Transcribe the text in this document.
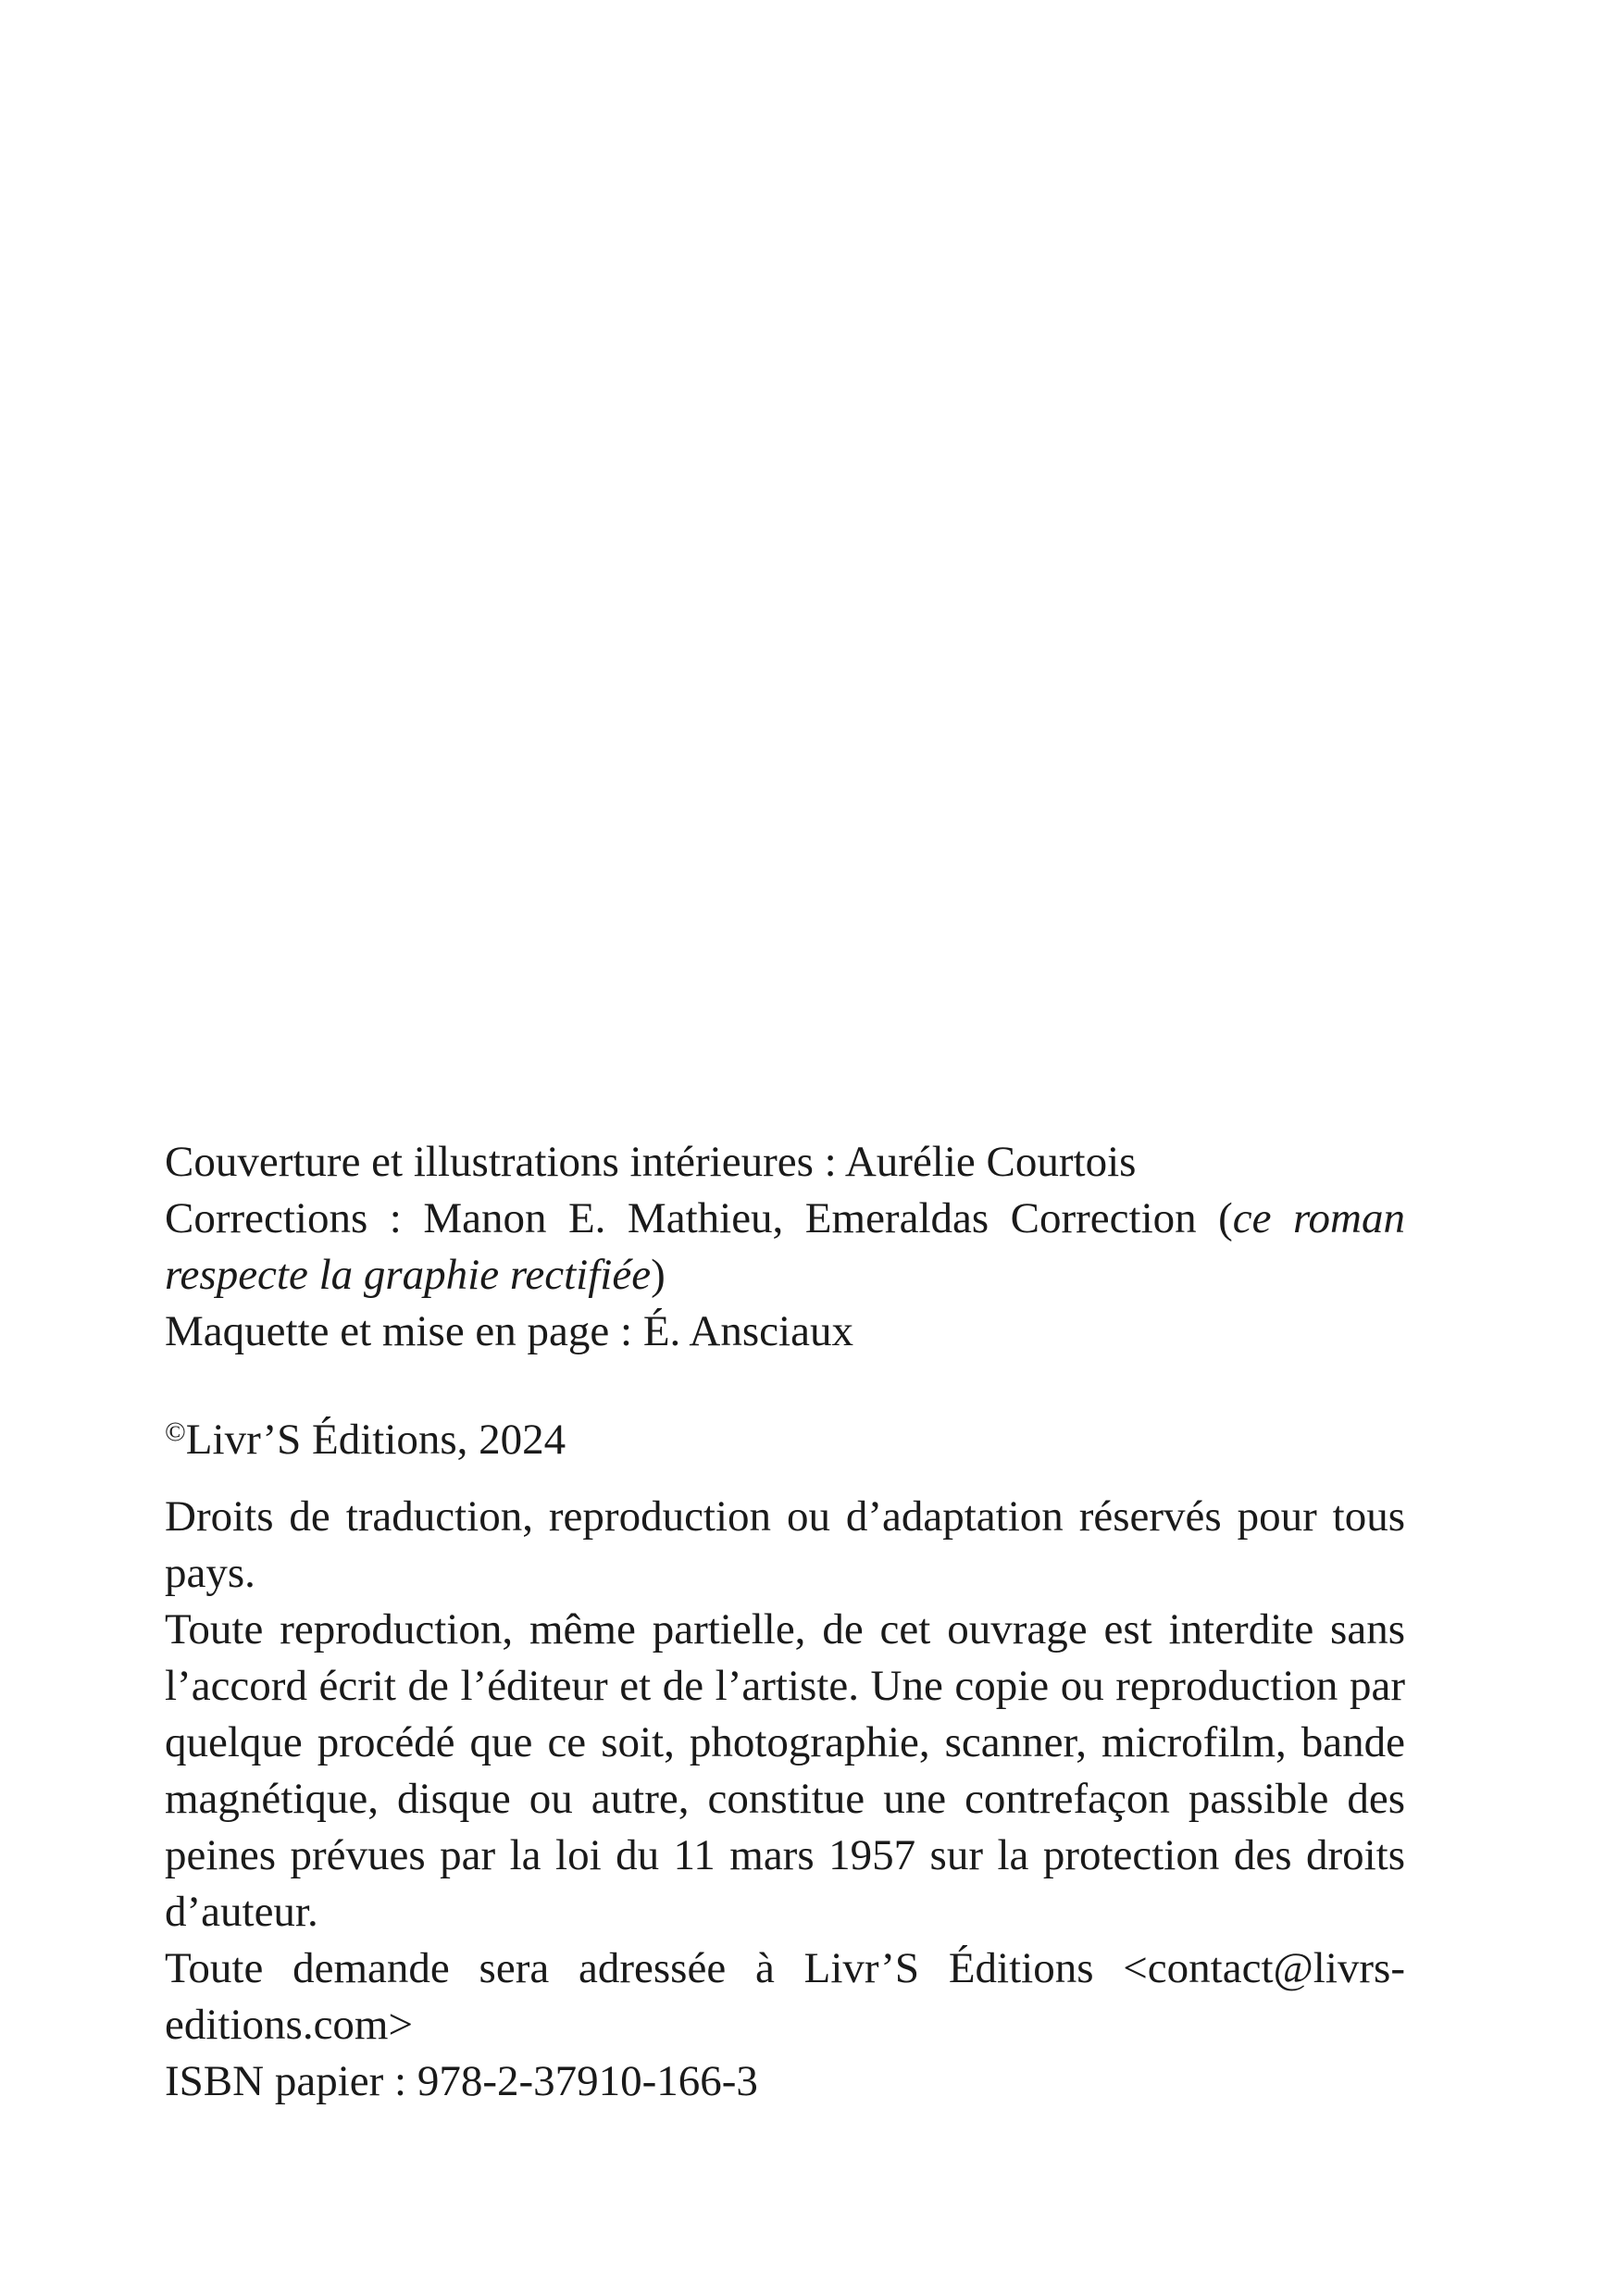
Couverture et illustrations intérieures : Aurélie Courtois

Corrections : Manon E. Mathieu, Emeraldas Correction (ce roman respecte la graphie rectifiée)

Maquette et mise en page : É. Ansciaux

©Livr’S Éditions, 2024

Droits de traduction, reproduction ou d’adaptation réservés pour tous pays.

Toute reproduction, même partielle, de cet ouvrage est interdite sans l’accord écrit de l’éditeur et de l’artiste. Une copie ou reproduction par quelque procédé que ce soit, photographie, scanner, microfilm, bande magnétique, disque ou autre, constitue une contrefaçon passible des peines prévues par la loi du 11 mars 1957 sur la protection des droits d’auteur.

Toute demande sera adressée à Livr’S Éditions <contact@livrs-editions.com>

ISBN papier : 978-2-37910-166-3
